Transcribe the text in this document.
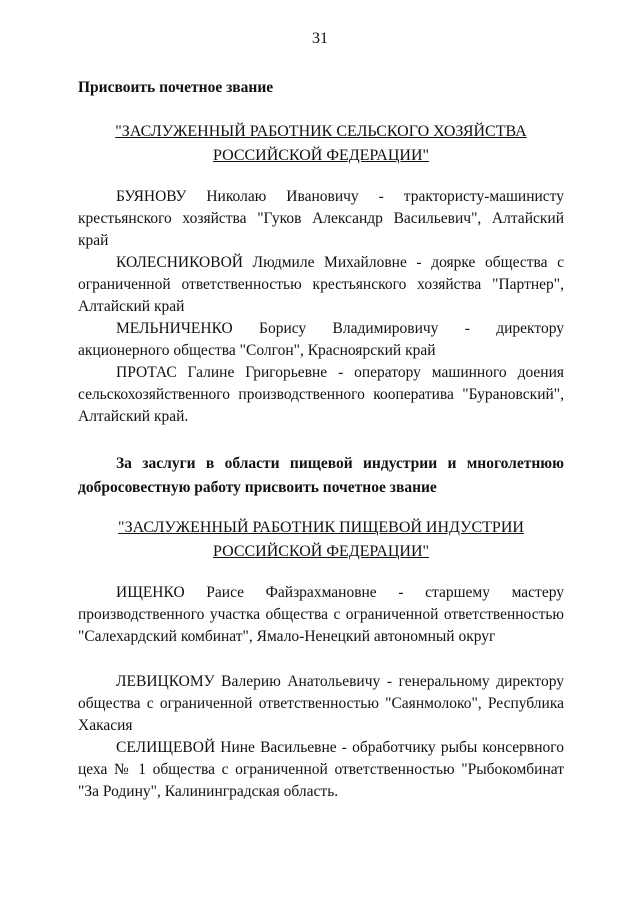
31
Присвоить почетное звание
"ЗАСЛУЖЕННЫЙ РАБОТНИК СЕЛЬСКОГО ХОЗЯЙСТВА
РОССИЙСКОЙ ФЕДЕРАЦИИ"
БУЯНОВУ Николаю Ивановичу - трактористу-машинисту крестьянского хозяйства "Гуков Александр Васильевич", Алтайский край
КОЛЕСНИКОВОЙ Людмиле Михайловне - доярке общества с ограниченной ответственностью крестьянского хозяйства "Партнер", Алтайский край
МЕЛЬНИЧЕНКО Борису Владимировичу - директору акционерного общества "Солгон", Красноярский край
ПРОТАС Галине Григорьевне - оператору машинного доения сельскохозяйственного производственного кооператива "Бурановский", Алтайский край.
За заслуги в области пищевой индустрии и многолетнюю добросовестную работу присвоить почетное звание
"ЗАСЛУЖЕННЫЙ РАБОТНИК ПИЩЕВОЙ ИНДУСТРИИ
РОССИЙСКОЙ ФЕДЕРАЦИИ"
ИЩЕНКО Раисе Файзрахмановне - старшему мастеру производственного участка общества с ограниченной ответственностью "Салехардский комбинат", Ямало-Ненецкий автономный округ
ЛЕВИЦКОМУ Валерию Анатольевичу - генеральному директору общества с ограниченной ответственностью "Саянмолоко", Республика Хакасия
СЕЛИЩЕВОЙ Нине Васильевне - обработчику рыбы консервного цеха № 1 общества с ограниченной ответственностью "Рыбокомбинат "За Родину", Калининградская область.
